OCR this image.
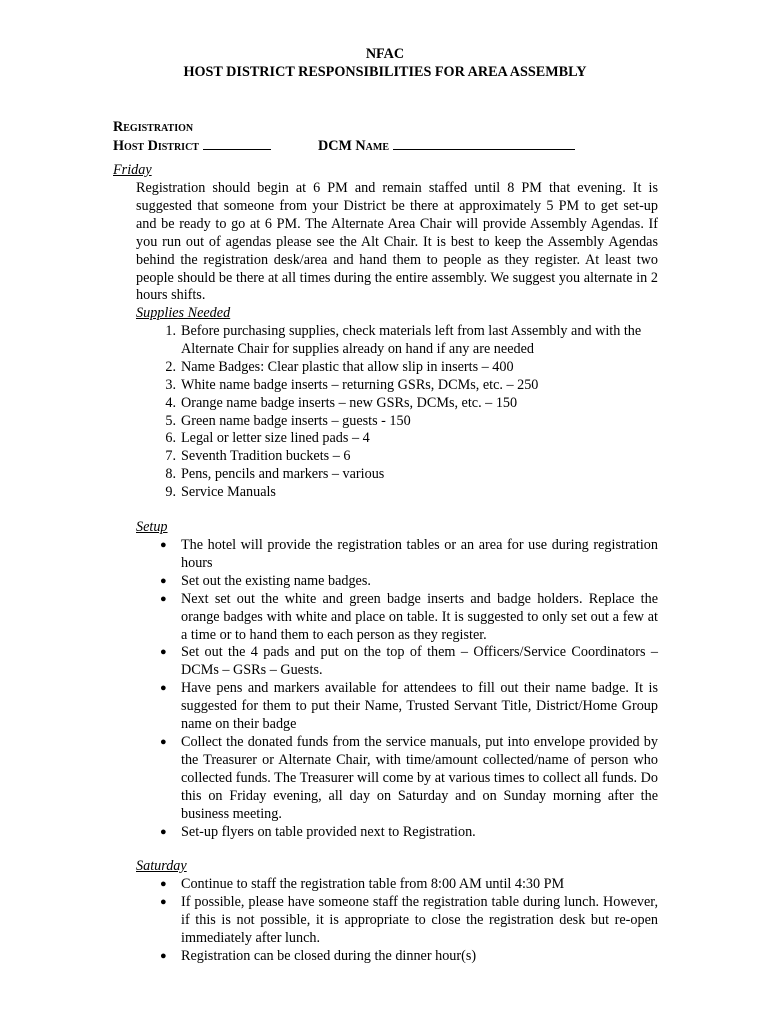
NFAC
HOST DISTRICT RESPONSIBILITIES FOR AREA ASSEMBLY
Registration
Host District	DCM Name
Friday
Registration should begin at 6 PM and remain staffed until 8 PM that evening. It is suggested that someone from your District be there at approximately 5 PM to get set-up and be ready to go at 6 PM. The Alternate Area Chair will provide Assembly Agendas. If you run out of agendas please see the Alt Chair. It is best to keep the Assembly Agendas behind the registration desk/area and hand them to people as they register. At least two people should be there at all times during the entire assembly. We suggest you alternate in 2 hours shifts.
Supplies Needed
1. Before purchasing supplies, check materials left from last Assembly and with the Alternate Chair for supplies already on hand if any are needed
2. Name Badges: Clear plastic that allow slip in inserts – 400
3. White name badge inserts – returning GSRs, DCMs, etc. – 250
4. Orange name badge inserts – new GSRs, DCMs, etc. – 150
5. Green name badge inserts – guests - 150
6. Legal or letter size lined pads – 4
7. Seventh Tradition buckets – 6
8. Pens, pencils and markers – various
9. Service Manuals
Setup
● The hotel will provide the registration tables or an area for use during registration hours
● Set out the existing name badges.
● Next set out the white and green badge inserts and badge holders. Replace the orange badges with white and place on table. It is suggested to only set out a few at a time or to hand them to each person as they register.
● Set out the 4 pads and put on the top of them – Officers/Service Coordinators – DCMs – GSRs – Guests.
● Have pens and markers available for attendees to fill out their name badge. It is suggested for them to put their Name, Trusted Servant Title, District/Home Group name on their badge
● Collect the donated funds from the service manuals, put into envelope provided by the Treasurer or Alternate Chair, with time/amount collected/name of person who collected funds. The Treasurer will come by at various times to collect all funds. Do this on Friday evening, all day on Saturday and on Sunday morning after the business meeting.
● Set-up flyers on table provided next to Registration.
Saturday
● Continue to staff the registration table from 8:00 AM until 4:30 PM
● If possible, please have someone staff the registration table during lunch. However, if this is not possible, it is appropriate to close the registration desk but re-open immediately after lunch.
● Registration can be closed during the dinner hour(s)
